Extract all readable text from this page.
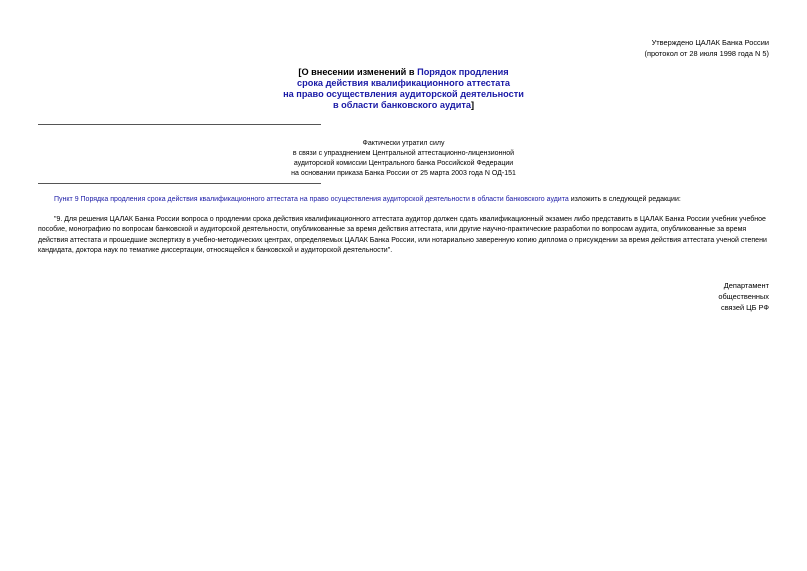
Утверждено ЦАЛАК Банка России
(протокол от 28 июля 1998 года N 5)
[О внесении изменений в Порядок продления
срока действия квалификационного аттестата
на право осуществления аудиторской деятельности
в области банковского аудита]
Фактически утратил силу
в связи с упразднением Центральной аттестационно-лицензионной
аудиторской комиссии Центрального банка Российской Федерации
на основании приказа Банка России от 25 марта 2003 года N ОД-151
Пункт 9 Порядка продления срока действия квалификационного аттестата на право осуществления аудиторской деятельности в области банковского аудита изложить в следующей редакции:
"9. Для решения ЦАЛАК Банка России вопроса о продлении срока действия квалификационного аттестата аудитор должен сдать квалификационный экзамен либо представить в ЦАЛАК Банка России учебник учебное пособие, монографию по вопросам банковской и аудиторской деятельности, опубликованные за время действия аттестата, или другие научно-практические разработки по вопросам аудита, опубликованные за время действия аттестата и прошедшие экспертизу в учебно-методических центрах, определяемых ЦАЛАК Банка России, или нотариально заверенную копию диплома о присуждении за время действия аттестата ученой степени кандидата, доктора наук по тематике диссертации, относящейся к банковской и аудиторской деятельности".
Департамент
общественных
связей ЦБ РФ
